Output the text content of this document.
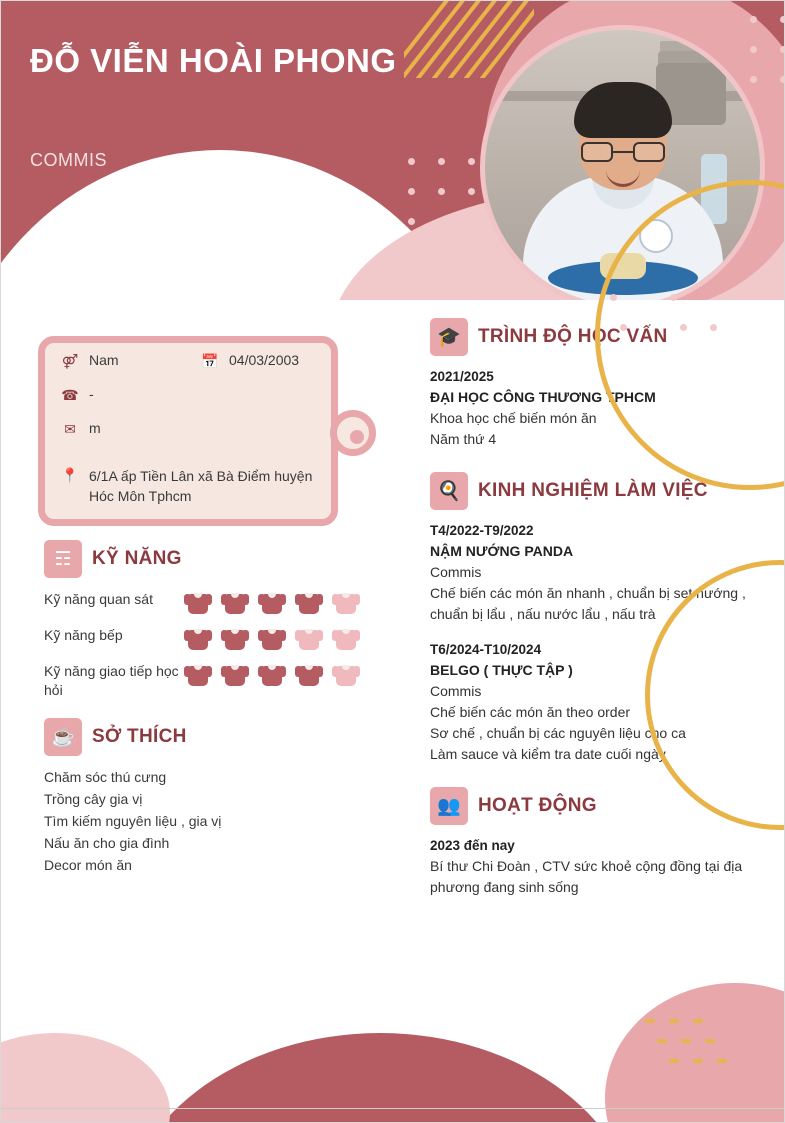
ĐỖ VIỄN HOÀI PHONG
COMMIS
⚤ Nam	📅 04/03/2003
☎ -
✉ m
📍 6/1A ấp Tiền Lân xã Bà Điểm huyện Hóc Môn Tphcm
☶	KỸ NĂNG
Kỹ năng quan sát
Kỹ năng bếp
Kỹ năng giao tiếp học hỏi
☕ SỞ THÍCH
Chăm sóc thú cưng
Trồng cây gia vị
Tìm kiếm nguyên liệu , gia vị
Nấu ăn cho gia đình
Decor món ăn
🎓 TRÌNH ĐỘ HỌC VẤN
2021/2025
ĐẠI HỌC CÔNG THƯƠNG TPHCM
Khoa học chế biến món ăn
Năm thứ 4
🍳 KINH NGHIỆM LÀM VIỆC
T4/2022-T9/2022
NẬM NƯỚNG PANDA
Commis
Chế biến các món ăn nhanh , chuẩn bị set nướng , chuẩn bị lẩu , nấu nước lẩu , nấu trà
T6/2024-T10/2024
BELGO ( THỰC TẬP )
Commis
Chế biến các món ăn theo order
Sơ chế , chuẩn bị các nguyên liệu cho ca
Làm sauce và kiểm tra date cuối ngày
👥 HOẠT ĐỘNG
2023 đến nay
Bí thư Chi Đoàn , CTV sức khoẻ cộng đồng tại địa phương đang sinh sống
